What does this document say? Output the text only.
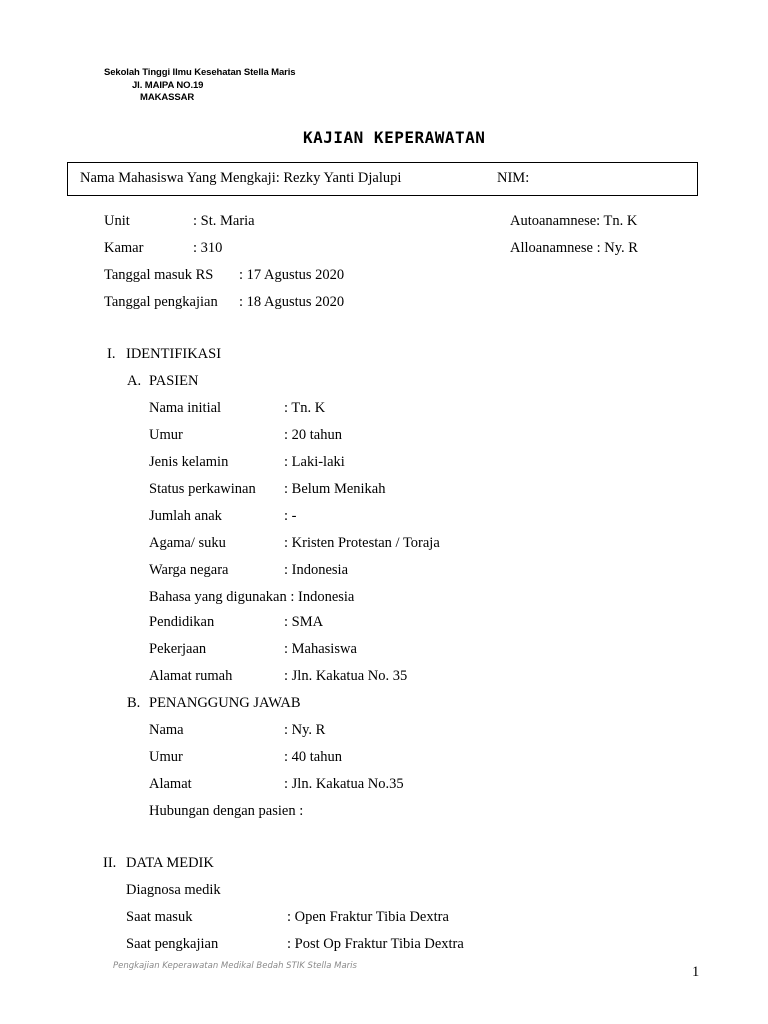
Sekolah Tinggi Ilmu Kesehatan Stella Maris
Jl. MAIPA NO.19
MAKASSAR
KAJIAN KEPERAWATAN
Nama Mahasiswa Yang Mengkaji: Rezky Yanti Djalupi	NIM:
Unit	: St. Maria	Autoanamnese: Tn. K
Kamar	: 310	Alloanamnese : Ny. R
Tanggal masuk RS : 17 Agustus 2020
Tanggal pengkajian : 18 Agustus 2020
I. IDENTIFIKASI
A. PASIEN
Nama initial	: Tn. K
Umur	: 20 tahun
Jenis kelamin	: Laki-laki
Status perkawinan : Belum Menikah
Jumlah anak	: -
Agama/ suku	: Kristen Protestan / Toraja
Warga negara	: Indonesia
Bahasa yang digunakan : Indonesia
Pendidikan	: SMA
Pekerjaan	: Mahasiswa
Alamat rumah	: Jln. Kakatua No. 35
B. PENANGGUNG JAWAB
Nama	: Ny. R
Umur	: 40 tahun
Alamat	: Jln. Kakatua No.35
Hubungan dengan pasien :
II. DATA MEDIK
Diagnosa medik
Saat masuk	: Open Fraktur Tibia Dextra
Saat pengkajian	: Post Op Fraktur Tibia Dextra
Pengkajian Keperawatan Medikal Bedah STIK Stella Maris	1
